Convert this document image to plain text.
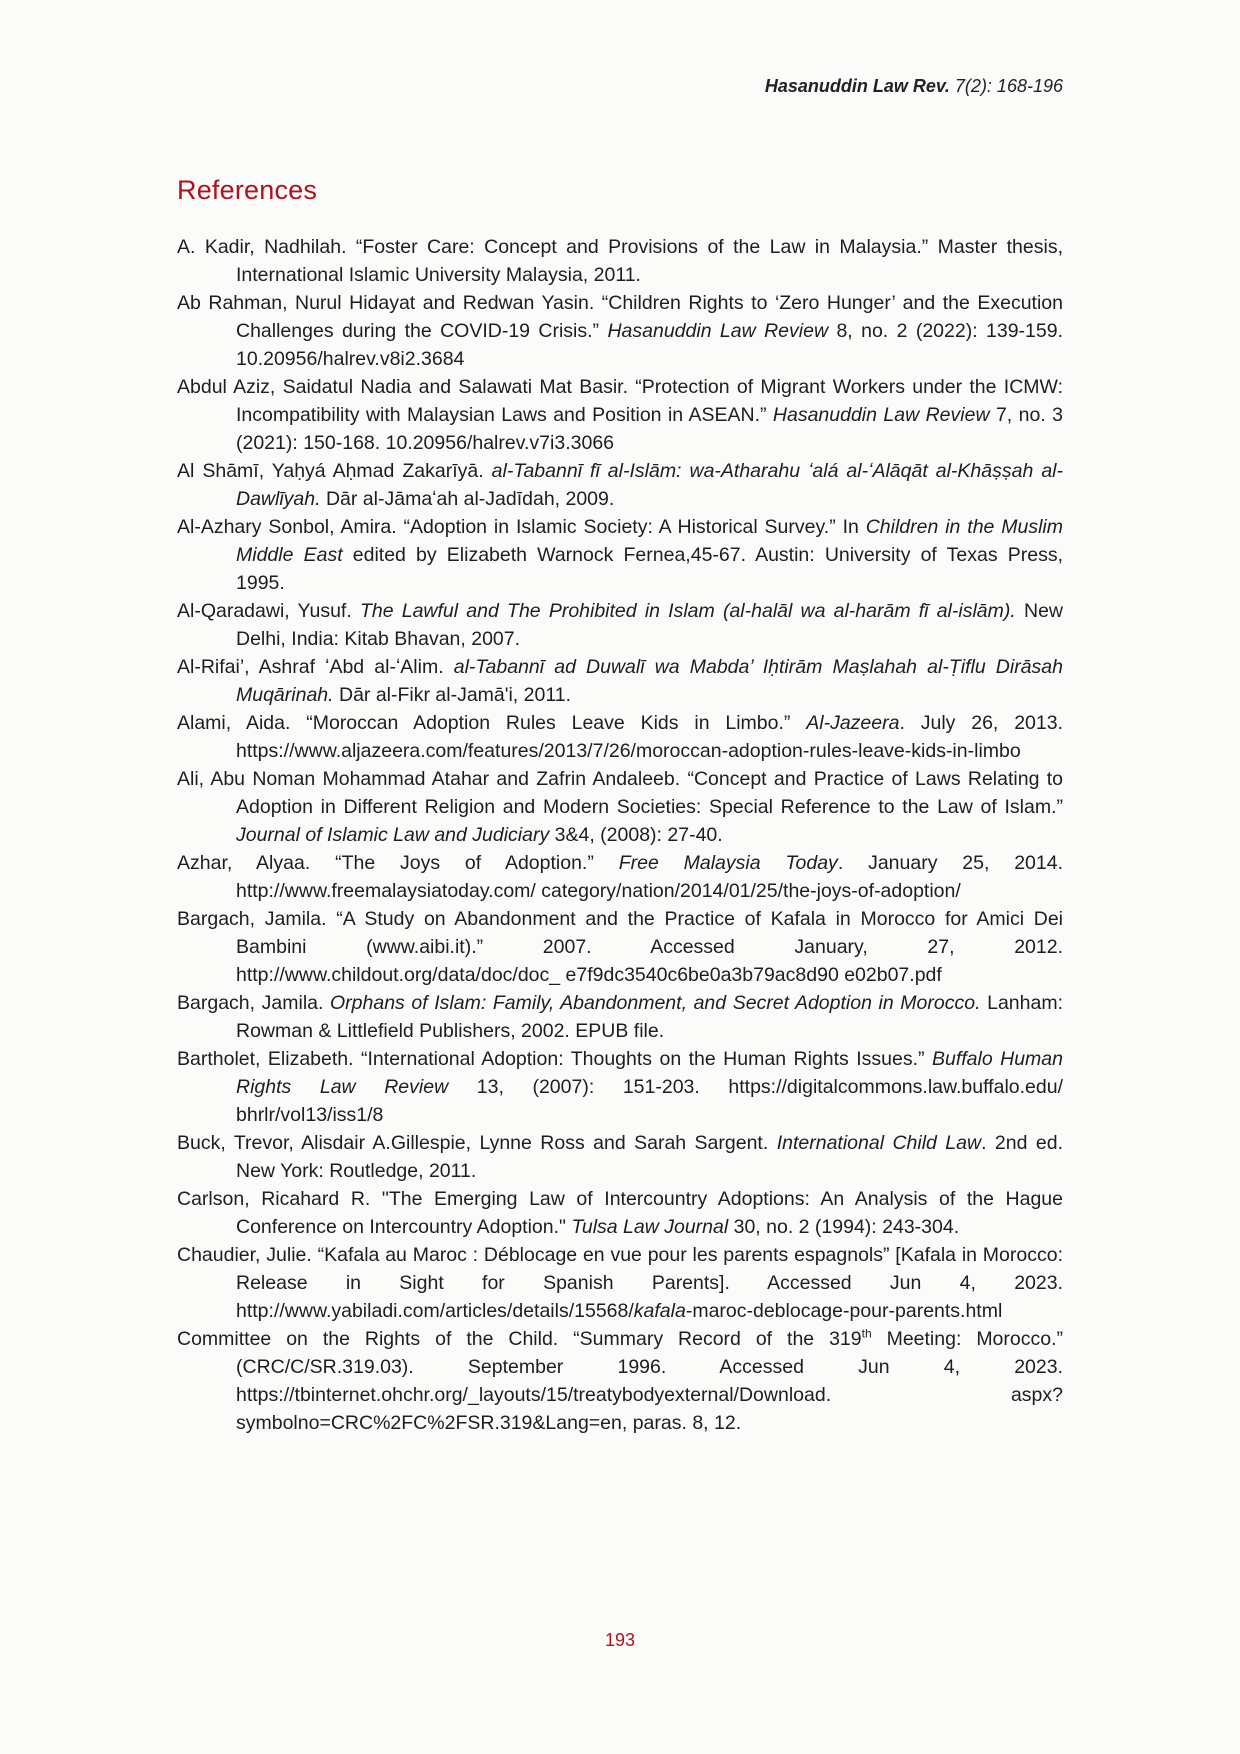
Hasanuddin Law Rev. 7(2): 168-196
References
A. Kadir, Nadhilah. “Foster Care: Concept and Provisions of the Law in Malaysia.” Master thesis, International Islamic University Malaysia, 2011.
Ab Rahman, Nurul Hidayat and Redwan Yasin. “Children Rights to ‘Zero Hunger’ and the Execution Challenges during the COVID-19 Crisis.” Hasanuddin Law Review 8, no. 2 (2022): 139-159. 10.20956/halrev.v8i2.3684
Abdul Aziz, Saidatul Nadia and Salawati Mat Basir. “Protection of Migrant Workers under the ICMW: Incompatibility with Malaysian Laws and Position in ASEAN.” Hasanuddin Law Review 7, no. 3 (2021): 150-168. 10.20956/halrev.v7i3.3066
Al Shāmī, Yaḥyá Aḥmad Zakarīyā. al-Tabannī fī al-Islām: wa-Atharahu ʻalá al-ʻAlāqāt al-Khāṣṣah al-Dawlīyah. Dār al-Jāmaʻah al-Jadīdah, 2009.
Al-Azhary Sonbol, Amira. “Adoption in Islamic Society: A Historical Survey.” In Children in the Muslim Middle East edited by Elizabeth Warnock Fernea,45-67. Austin: University of Texas Press, 1995.
Al-Qaradawi, Yusuf. The Lawful and The Prohibited in Islam (al-halāl wa al-harām fī al-islām). New Delhi, India: Kitab Bhavan, 2007.
Al-Rifai’, Ashraf ʻAbd al-ʻAlim. al-Tabannī ad Duwalī wa Mabda’ Iḥtirām Maṣlahah al-Ṭiflu Dirāsah Muqārinah. Dār al-Fikr al-Jamā'i, 2011.
Alami, Aida. “Moroccan Adoption Rules Leave Kids in Limbo.” Al-Jazeera. July 26, 2013. https://www.aljazeera.com/features/2013/7/26/moroccan-adoption-rules-leave-kids-in-limbo
Ali, Abu Noman Mohammad Atahar and Zafrin Andaleeb. “Concept and Practice of Laws Relating to Adoption in Different Religion and Modern Societies: Special Reference to the Law of Islam.” Journal of Islamic Law and Judiciary 3&4, (2008): 27-40.
Azhar, Alyaa. “The Joys of Adoption.” Free Malaysia Today. January 25, 2014. http://www.freemalaysiatoday.com/ category/nation/2014/01/25/the-joys-of-adoption/
Bargach, Jamila. “A Study on Abandonment and the Practice of Kafala in Morocco for Amici Dei Bambini (www.aibi.it).” 2007. Accessed January, 27, 2012. http://www.childout.org/data/doc/doc_ e7f9dc3540c6be0a3b79ac8d90 e02b07.pdf
Bargach, Jamila. Orphans of Islam: Family, Abandonment, and Secret Adoption in Morocco. Lanham: Rowman & Littlefield Publishers, 2002. EPUB file.
Bartholet, Elizabeth. “International Adoption: Thoughts on the Human Rights Issues.” Buffalo Human Rights Law Review 13, (2007): 151-203. https://digitalcommons.law.buffalo.edu/ bhrlr/vol13/iss1/8
Buck, Trevor, Alisdair A.Gillespie, Lynne Ross and Sarah Sargent. International Child Law. 2nd ed. New York: Routledge, 2011.
Carlson, Ricahard R. "The Emerging Law of Intercountry Adoptions: An Analysis of the Hague Conference on Intercountry Adoption." Tulsa Law Journal 30, no. 2 (1994): 243-304.
Chaudier, Julie. “Kafala au Maroc : Déblocage en vue pour les parents espagnols” [Kafala in Morocco: Release in Sight for Spanish Parents]. Accessed Jun 4, 2023. http://www.yabiladi.com/articles/details/15568/kafala-maroc-deblocage-pour-parents.html
Committee on the Rights of the Child. “Summary Record of the 319th Meeting: Morocco.” (CRC/C/SR.319.03). September 1996. Accessed Jun 4, 2023. https://tbinternet.ohchr.org/_layouts/15/treatybodyexternal/Download. aspx?symbolno=CRC%2FC%2FSR.319&Lang=en, paras. 8, 12.
193
